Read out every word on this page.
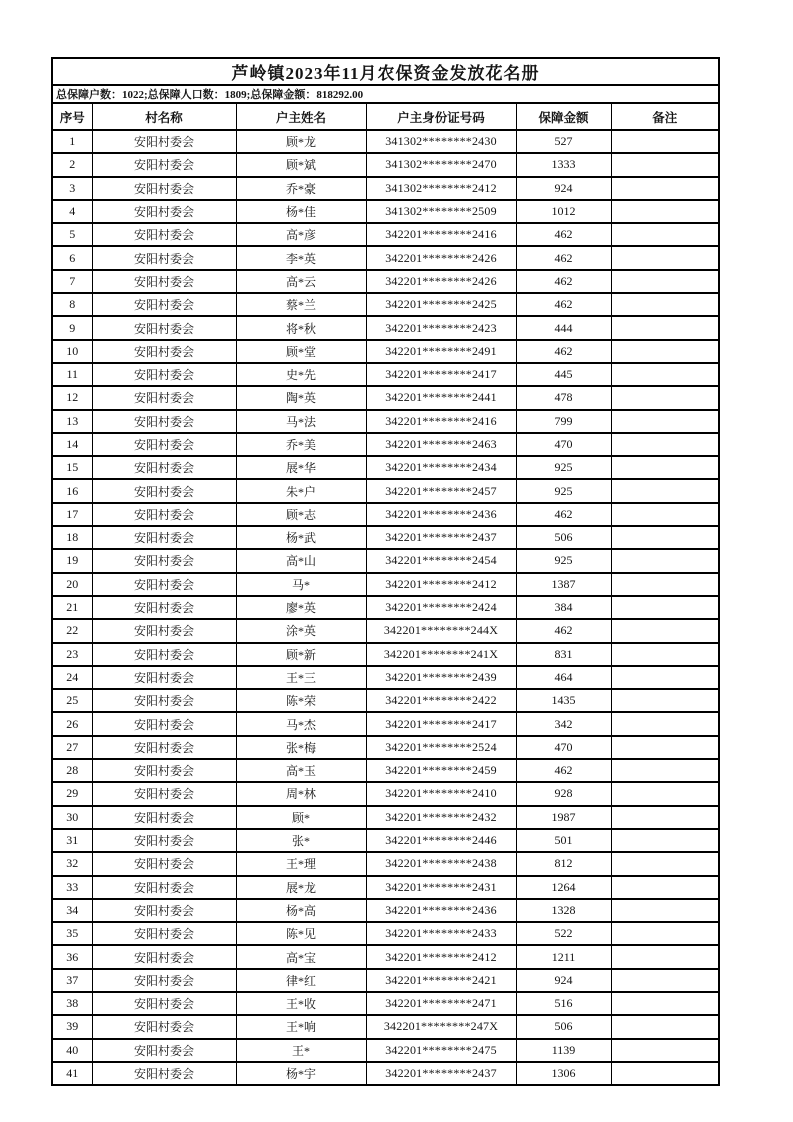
芦岭镇2023年11月农保资金发放花名册					
总保障户数：1022;总保障人口数：1809;总保障金额：818292.00					
序号	村名称	户主姓名	户主身份证号码	保障金额	备注
1	安阳村委会	顾*龙	341302********2430	527	
2	安阳村委会	顾*斌	341302********2470	1333	
3	安阳村委会	乔*豪	341302********2412	924	
4	安阳村委会	杨*佳	341302********2509	1012	
5	安阳村委会	高*彦	342201********2416	462	
6	安阳村委会	李*英	342201********2426	462	
7	安阳村委会	高*云	342201********2426	462	
8	安阳村委会	蔡*兰	342201********2425	462	
9	安阳村委会	将*秋	342201********2423	444	
10	安阳村委会	顾*堂	342201********2491	462	
11	安阳村委会	史*先	342201********2417	445	
12	安阳村委会	陶*英	342201********2441	478	
13	安阳村委会	马*法	342201********2416	799	
14	安阳村委会	乔*美	342201********2463	470	
15	安阳村委会	展*华	342201********2434	925	
16	安阳村委会	朱*户	342201********2457	925	
17	安阳村委会	顾*志	342201********2436	462	
18	安阳村委会	杨*武	342201********2437	506	
19	安阳村委会	高*山	342201********2454	925	
20	安阳村委会	马*	342201********2412	1387	
21	安阳村委会	廖*英	342201********2424	384	
22	安阳村委会	涂*英	342201********244X	462	
23	安阳村委会	顾*新	342201********241X	831	
24	安阳村委会	王*三	342201********2439	464	
25	安阳村委会	陈*荣	342201********2422	1435	
26	安阳村委会	马*杰	342201********2417	342	
27	安阳村委会	张*梅	342201********2524	470	
28	安阳村委会	高*玉	342201********2459	462	
29	安阳村委会	周*林	342201********2410	928	
30	安阳村委会	顾*	342201********2432	1987	
31	安阳村委会	张*	342201********2446	501	
32	安阳村委会	王*理	342201********2438	812	
33	安阳村委会	展*龙	342201********2431	1264	
34	安阳村委会	杨*高	342201********2436	1328	
35	安阳村委会	陈*见	342201********2433	522	
36	安阳村委会	高*宝	342201********2412	1211	
37	安阳村委会	律*红	342201********2421	924	
38	安阳村委会	王*收	342201********2471	516	
39	安阳村委会	王*响	342201********247X	506	
40	安阳村委会	王*	342201********2475	1139	
41	安阳村委会	杨*宇	342201********2437	1306	
